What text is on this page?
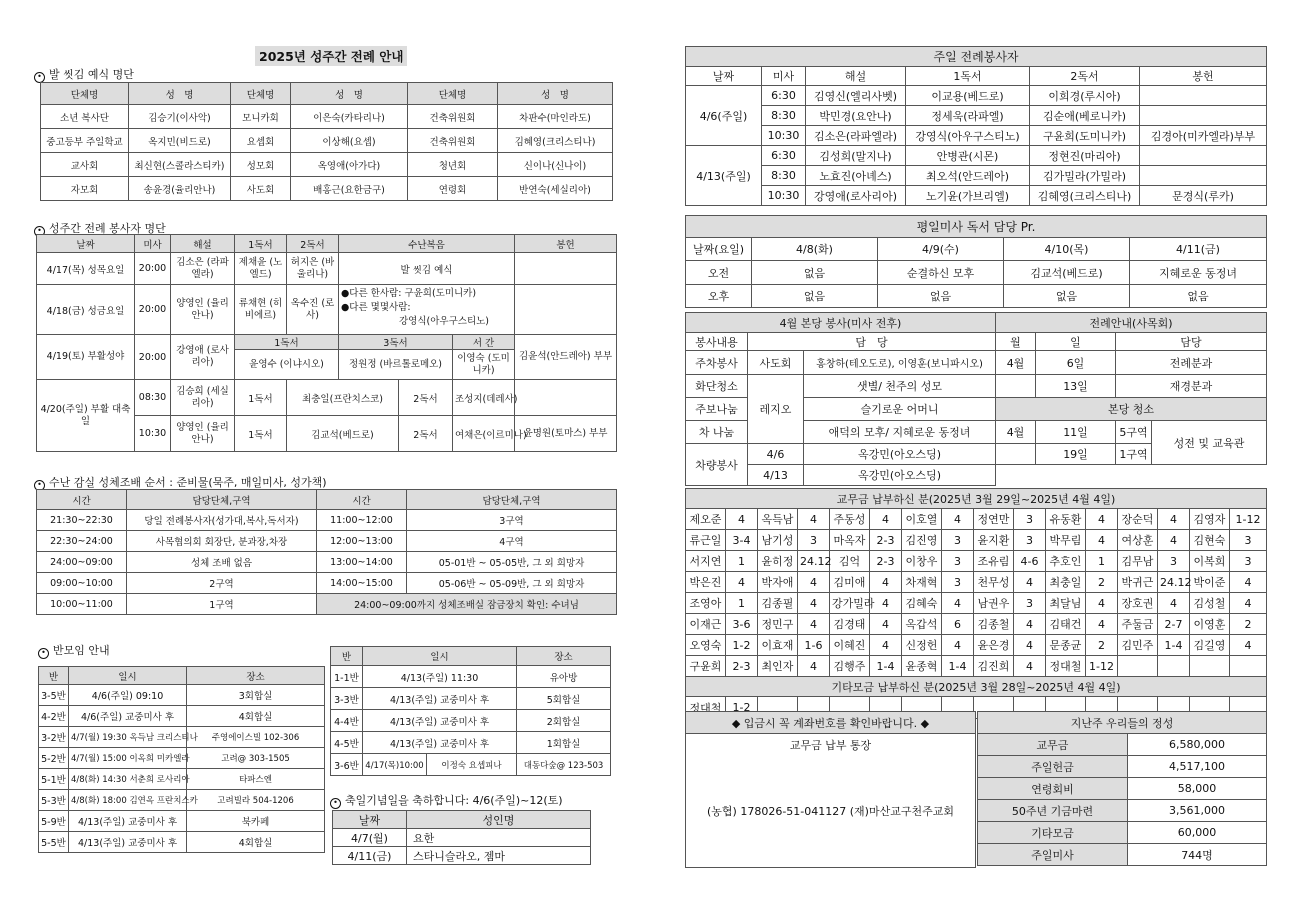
2025년 성주간 전례 안내
• 발 씻김 예식 명단
단체명	성　명	단체명	성　명	단체명	성　명
소년 복사단	김승기(이사악)	모니카회	이은숙(카타리나)	건축위원회	차판수(마인라도)
중고등부 주일학교	옥지민(비드로)	요셉회	이상해(요셉)	건축위원회	김혜영(크리스티나)
교사회	최신현(스콜라스티카)	성모회	옥영애(아가다)	청년회	신이나(신나이)
자모회	송윤경(율리안나)	사도회	배홍근(요한금구)	연령회	반연숙(세실리아)
• 성주간 전례 봉사자 명단
날짜	미사	해설	1독서	2독서	수난복음			봉헌
4/17(목) 성목요일	20:00	김소은 (라파엘라)	제채윤 (노엘드)	허지은 (바울리나)	발 씻김 예식			
4/18(금) 성금요일	20:00	양영인 (율리안나)	류채현 (히비에르)	옥수진 (로사)	●다른 한사람: 구윤희(도미니카)
●다른 몇몇사람:
강영식(아우구스티노)			

4/19(토) 부활성야	20:00	강영애 (로사리아)	1독서		3독서		서 간	김윤석(안드레아) 부부
			윤영수 (이냐시오)		정원정 (바르톨로메오)		이영숙 (도미니카)	
4/20(주일) 부활 대축일	08:30	김승희 (세실리아)	1독서	최충일(프란치스코)		2독서	조성지(데레사)	
	10:30	양영인 (율리안나)	1독서	김교석(베드로)		2독서	여채은(이르미나)	윤명원(토마스) 부부
• 수난 감실 성체조배 순서 : 준비물(묵주, 매일미사, 성가책)
시간	담당단체,구역	시간	담당단체,구역
21:30~22:30	당일 전례봉사자(성가대,복사,독서자)	11:00~12:00	3구역
22:30~24:00	사목협의회 회장단, 분과장,차장	12:00~13:00	4구역
24:00~09:00	성체 조배 없음	13:00~14:00	05-01반 ~ 05-05반, 그 외 희망자
09:00~10:00	2구역	14:00~15:00	05-06반 ~ 05-09반, 그 외 희망자
10:00~11:00	1구역	24:00~09:00까지 성체조배실 잠금장치 확인: 수녀님	
• 반모임 안내
반	일시	장소
3-5반	4/6(주일) 09:10	3회합실
4-2반	4/6(주일) 교중미사 후	4회합실
3-2반	4/7(월) 19:30 옥득남 크리스티나	주영에이스빌 102-306
5-2반	4/7(월) 15:00 이옥희 미카엘라	고려@ 303-1505
5-1반	4/8(화) 14:30 서춘희 로사리아	타파스엔
5-3반	4/8(화) 18:00 김연옥 프란치스카	고려빌라 504-1206
5-9반	4/13(주일) 교중미사 후	북카페
5-5반	4/13(주일) 교중미사 후	4회합실
반	일시		장소
1-1반	4/13(주일) 11:30		유아방
3-3반	4/13(주일) 교중미사 후		5회합실
4-4반	4/13(주일) 교중미사 후		2회합실
4-5반	4/13(주일) 교중미사 후		1회합실
3-6반	4/17(목)10:00	이정숙 요셉피나	대동다숲@ 123-503
• 축일기념일을 축하합니다: 4/6(주일)~12(토)
날짜	성인명
4/7(월)	요한
4/11(금)	스타니슬라오, 젬마
주일 전례봉사자					
날짜	미사	해설	1독서	2독서	봉헌
4/6(주일)	6:30	김영신(엘리사벳)	이교용(베드로)	이희경(루시아)	
	8:30	박민경(요안나)	정세욱(라파엘)	김순애(베로니카)	
	10:30	김소은(라파엘라)	강영식(아우구스티노)	구윤희(도미니카)	김경아(미카엘라)부부
4/13(주일)	6:30	김성희(말지나)	안병관(시몬)	정현진(마리아)	
	8:30	노효진(아녜스)	최오석(안드레아)	김가밀라(가밀라)	
	10:30	강영애(로사리아)	노기윤(가브리엘)	김혜영(크리스티나)	문경식(루카)
평일미사 독서 담당 Pr.				
날짜(요일)	4/8(화)	4/9(수)	4/10(목)	4/11(금)
오전	없음	순결하신 모후	김교석(베드로)	지혜로운 동정녀
오후	없음	없음	없음	없음
4월 본당 봉사(미사 전후)		
봉사내용	담　당	
주차봉사	사도회	홍창하(테오도로), 이영훈(보니파시오)
화단청소	레지오	샛별/ 천주의 성모
주보나눔		슬기로운 어머니
차 나눔		애덕의 모후/ 지혜로운 동정녀
차량봉사	4/6	옥강민(아오스딩)
	4/13	옥강민(아오스딩)
전례안내(사목회)			
월	일	담당	
4월	6일	전례분과	
	13일	재경분과	
본당 청소			
4월	11일	5구역	성전 및 교육관
	19일	1구역	
교무금 납부하신 분(2025년 3월 29일~2025년 4월 4일)															
제오준	4	옥득남	4	주동성	4	이호열	4	정연만	3	유동환	4	장순덕	4	김영자	1-12
류근일	3-4	남기성	3	마옥자	2-3	김진영	3	윤지환	3	박무림	4	여상훈	4	김현숙	3
서지연	1	윤히정	24.12	김억	2-3	이창우	3	조유림	4-6	추호인	1	김무남	3	이복희	3
박은진	4	박자애	4	김미애	4	차재혁	3	천무성	4	최충일	2	박귀근	24.12	박이준	4
조영아	1	김종필	4	강가밀라	4	김혜숙	4	남권우	3	최달님	4	장호권	4	김성철	4
이재근	3-6	정민구	4	김경태	4	옥갑석	6	김종철	4	김태건	4	주둘금	2-7	이영훈	2
오영숙	1-2	이효재	1-6	이혜진	4	신정헌	4	윤은경	4	문종균	2	김민주	1-4	김길영	4
구윤희	2-3	최인자	4	김행주	1-4	윤종혁	1-4	김진희	4	정대철	1-12				
기타모금 납부하신 분(2025년 3월 28일~2025년 4월 4일)															
정대철	1-2														
◆ 입금시 꼭 계좌번호를 확인바랍니다. ◆
교무금 납부 통장
(농협) 178026-51-041127 (재)마산교구천주교회
지난주 우리들의 정성	
교무금	6,580,000
주일헌금	4,517,100
연령회비	58,000
50주년 기금마련	3,561,000
기타모금	60,000
주일미사	744명
